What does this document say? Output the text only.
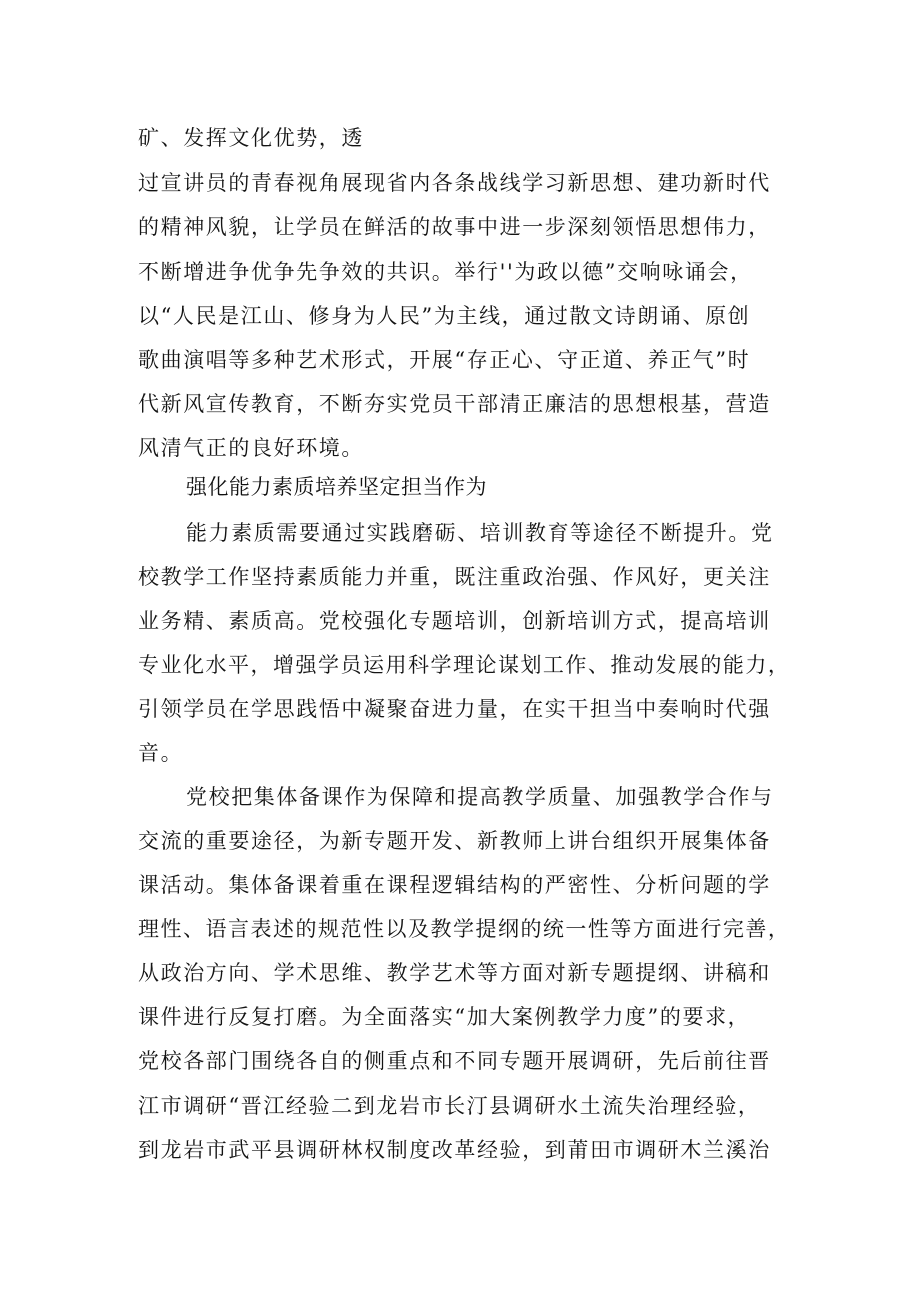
矿、发挥文化优势，透
过宣讲员的青春视角展现省内各条战线学习新思想、建功新时代
的精神风貌，让学员在鲜活的故事中进一步深刻领悟思想伟力，
不断增进争优争先争效的共识。举行''为政以德”交响咏诵会，
以“人民是江山、修身为人民”为主线，通过散文诗朗诵、原创
歌曲演唱等多种艺术形式，开展“存正心、守正道、养正气”时
代新风宣传教育，不断夯实党员干部清正廉洁的思想根基，营造
风清气正的良好环境。
强化能力素质培养坚定担当作为
能力素质需要通过实践磨砺、培训教育等途径不断提升。党
校教学工作坚持素质能力并重，既注重政治强、作风好，更关注
业务精、素质高。党校强化专题培训，创新培训方式，提高培训
专业化水平，增强学员运用科学理论谋划工作、推动发展的能力，
引领学员在学思践悟中凝聚奋进力量，在实干担当中奏响时代强
音。
党校把集体备课作为保障和提高教学质量、加强教学合作与
交流的重要途径，为新专题开发、新教师上讲台组织开展集体备
课活动。集体备课着重在课程逻辑结构的严密性、分析问题的学
理性、语言表述的规范性以及教学提纲的统一性等方面进行完善，
从政治方向、学术思维、教学艺术等方面对新专题提纲、讲稿和
课件进行反复打磨。为全面落实“加大案例教学力度”的要求，
党校各部门围绕各自的侧重点和不同专题开展调研，先后前往晋
江市调研“晋江经验二到龙岩市长汀县调研水土流失治理经验，
到龙岩市武平县调研林权制度改革经验，到莆田市调研木兰溪治
